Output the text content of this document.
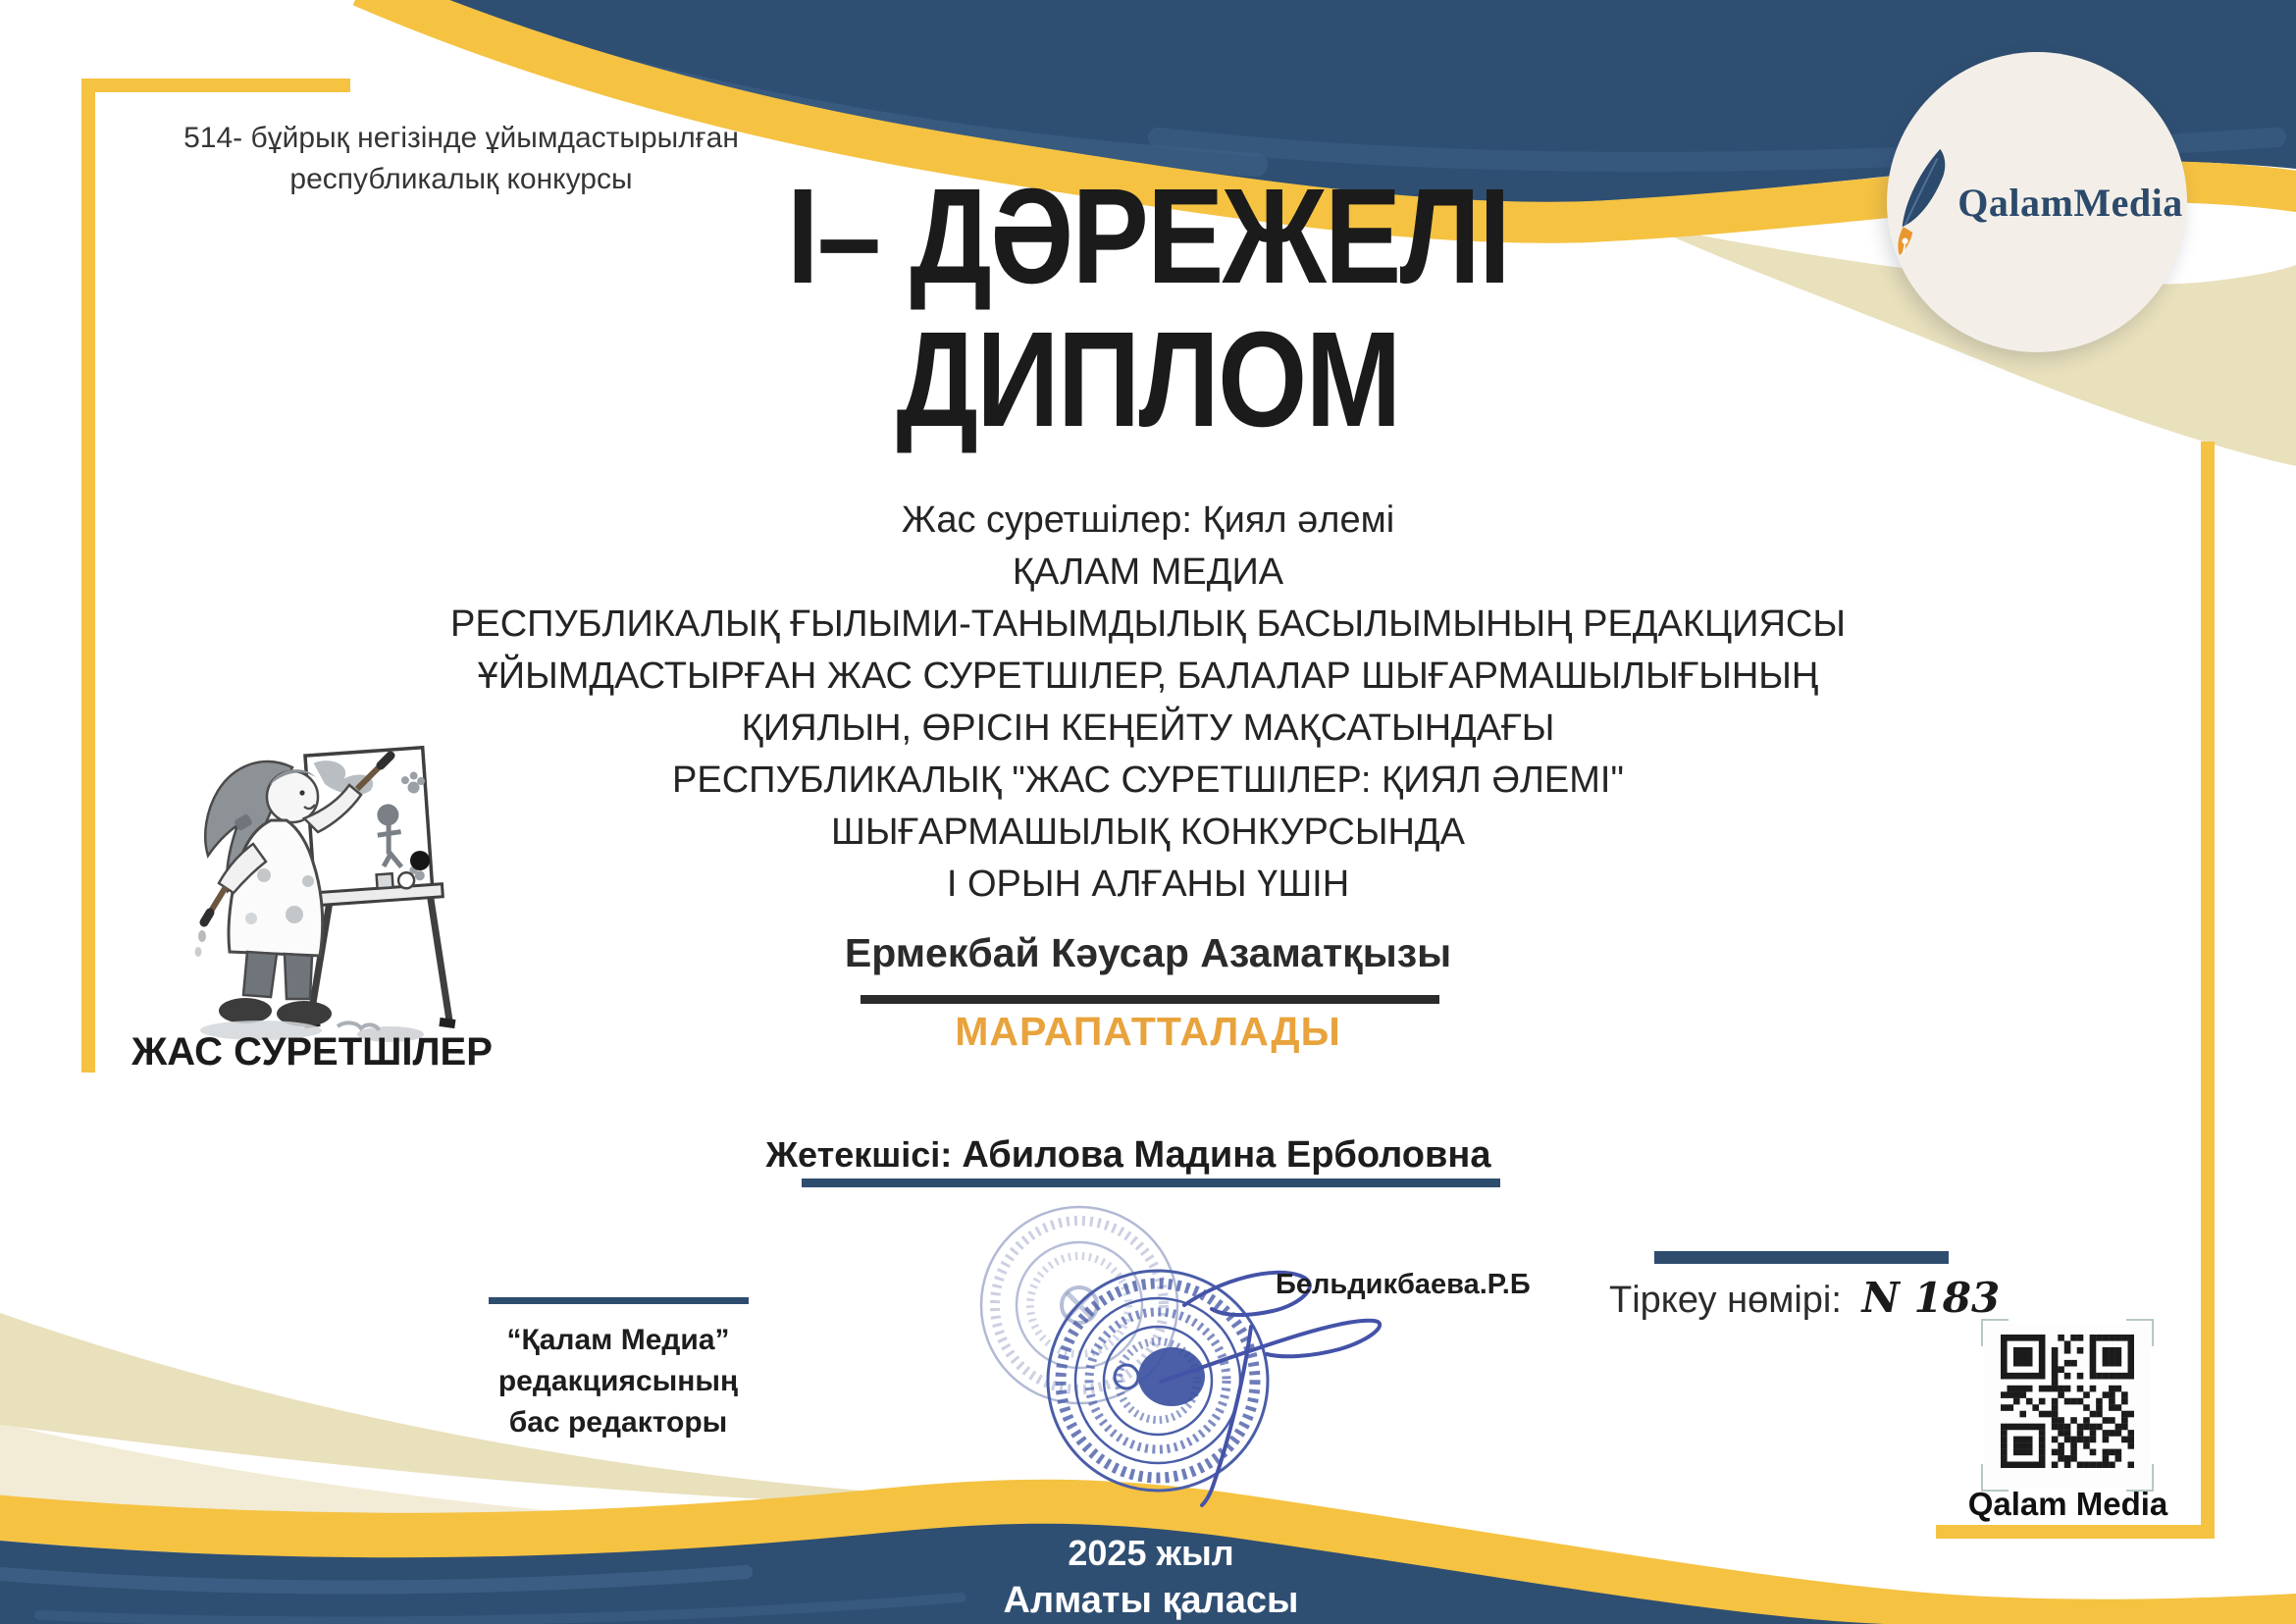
514- бұйрық негізінде ұйымдастырылған
республикалық конкурсы	І– ДӘРЕЖЕЛІ
ДИПЛОМ
QalamMedia
Жас суретшілер: Қиял әлемі
ҚАЛАМ МЕДИА
РЕСПУБЛИКАЛЫҚ ҒЫЛЫМИ-ТАНЫМДЫЛЫҚ БАСЫЛЫМЫНЫҢ РЕДАКЦИЯСЫ
ҰЙЫМДАСТЫРҒАН ЖАС СУРЕТШІЛЕР, БАЛАЛАР ШЫҒАРМАШЫЛЫҒЫНЫҢ
ҚИЯЛЫН, ӨРІСІН КЕҢЕЙТУ МАҚСАТЫНДАҒЫ
РЕСПУБЛИКАЛЫҚ "ЖАС СУРЕТШІЛЕР: ҚИЯЛ ӘЛЕМІ"
ШЫҒАРМАШЫЛЫҚ КОНКУРСЫНДА
І ОРЫН АЛҒАНЫ ҮШІН
Ермекбай Кәусар Азаматқызы
МАРАПАТТАЛАДЫ
ЖАС СУРЕТШІЛЕР
Жетекшісі: Абилова Мадина Ерболовна
“Қалам Медиа” редакциясының
бас редакторы
Бельдикбаева.Р.Б Тіркеу нөмірі: N 183
Qalam Media
2025 жыл
Алматы қаласы
